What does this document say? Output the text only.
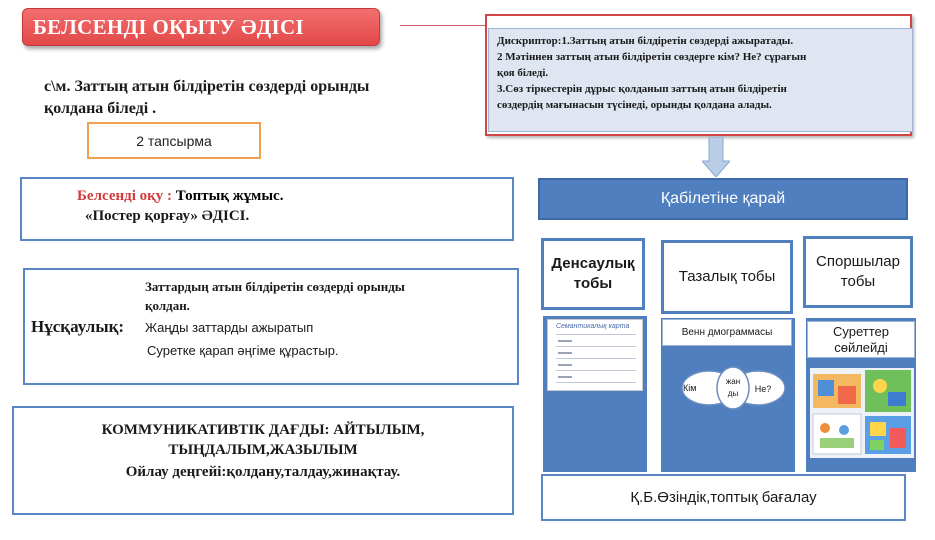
БЕЛСЕНДІ ОҚЫТУ ӘДІСІ
с\м. Заттың атын білдіретін сөздерді орынды
қолдана біледі .
2 тапсырма
Дискриптор:1.Заттың атын білдіретін сөздерді ажыратады.
2 Мәтіннен заттың атын білдіретін сөздерге кім? Не? сұрағын
қоя біледі.
3.Сөз тіркестерін дұрыс қолданып заттың атын білдіретін
сөздердің мағынасын түсінеді, орынды қолдана алады.
Белсенді оқу : Топтық жұмыс.
«Постер қорғау» ӘДІСІ.
Нұсқаулық:
Заттардың атын білдіретін сөздерді орынды қолдан.
Жаңды заттарды ажыратып
Суретке қарап әңгіме құрастыр.
КОММУНИКАТИВТІК ДАҒДЫ: АЙТЫЛЫМ,
ТЫҢДАЛЫМ,ЖАЗЫЛЫМ
Ойлау деңгейі:қолдану,талдау,жинақтау.
Қабілетіне қарай
Денсаулық тобы	Тазалық тобы
Споршылар тобы
Семантикалық карта
Венн дмограммасы
Кім
жан
ды Не?
Суреттер
сөйлейді
Қ.Б.Өзіндік,топтық бағалау
